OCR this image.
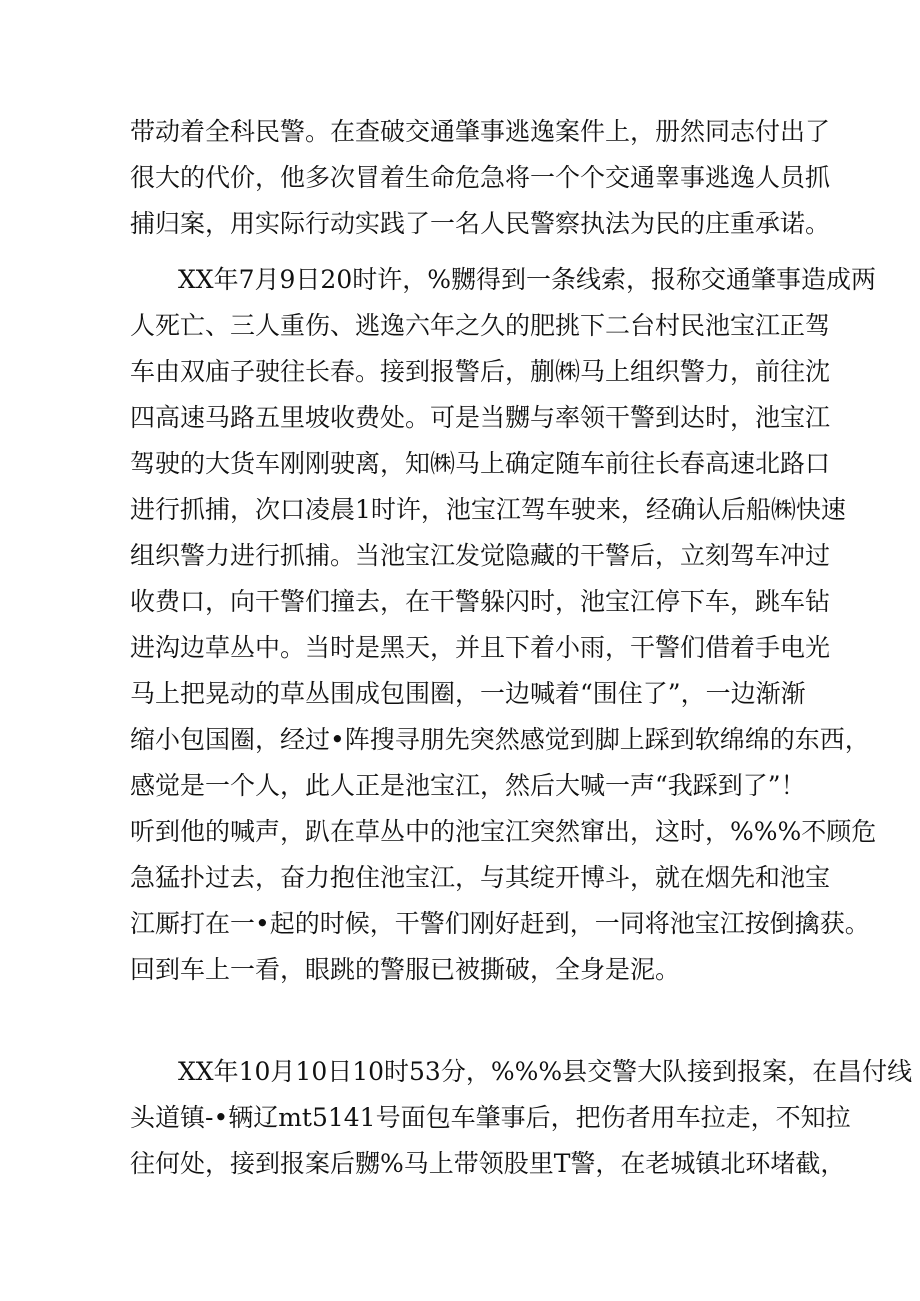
带动着全科民警。在查破交通肇事逃逸案件上，册然同志付出了
很大的代价，他多次冒着生命危急将一个个交通睾事逃逸人员抓
捕归案，用实际行动实践了一名人民警察执法为民的庄重承诺。
XX年7月9日20时许，%嬲得到一条线索，报称交通肇事造成两
人死亡、三人重伤、逃逸六年之久的肥挑下二台村民池宝江正驾
车由双庙子驶往长春。接到报警后，蒯㈱马上组织警力，前往沈
四高速马路五里坡收费处。可是当嬲与率领干警到达时，池宝江
驾驶的大货车刚刚驶离，知㈱马上确定随车前往长春高速北路口
进行抓捕，次口凌晨1时许，池宝江驾车驶来，经确认后船㈱快速
组织警力进行抓捕。当池宝江发觉隐藏的干警后，立刻驾车冲过
收费口，向干警们撞去，在干警躲闪时，池宝江停下车，跳车钻
进沟边草丛中。当时是黑天，并且下着小雨，干警们借着手电光
马上把晃动的草丛围成包围圈，一边喊着“围住了”，一边渐渐
缩小包国圈，经过•阵搜寻朋先突然感觉到脚上踩到软绵绵的东西，
感觉是一个人，此人正是池宝江，然后大喊一声“我踩到了”！
听到他的喊声，趴在草丛中的池宝江突然窜出，这时，%%%不顾危
急猛扑过去，奋力抱住池宝江，与其绽开博斗，就在烟先和池宝
江厮打在一•起的时候，干警们刚好赶到，一同将池宝江按倒擒获。
回到车上一看，眼跳的警服已被撕破，全身是泥。
XX年10月10日10时53分，%%%县交警大队接到报案，在昌付线
头道镇-•辆辽mt5141号面包车肇事后，把伤者用车拉走，不知拉
往何处，接到报案后嬲%马上带领股里T警，在老城镇北环堵截，
